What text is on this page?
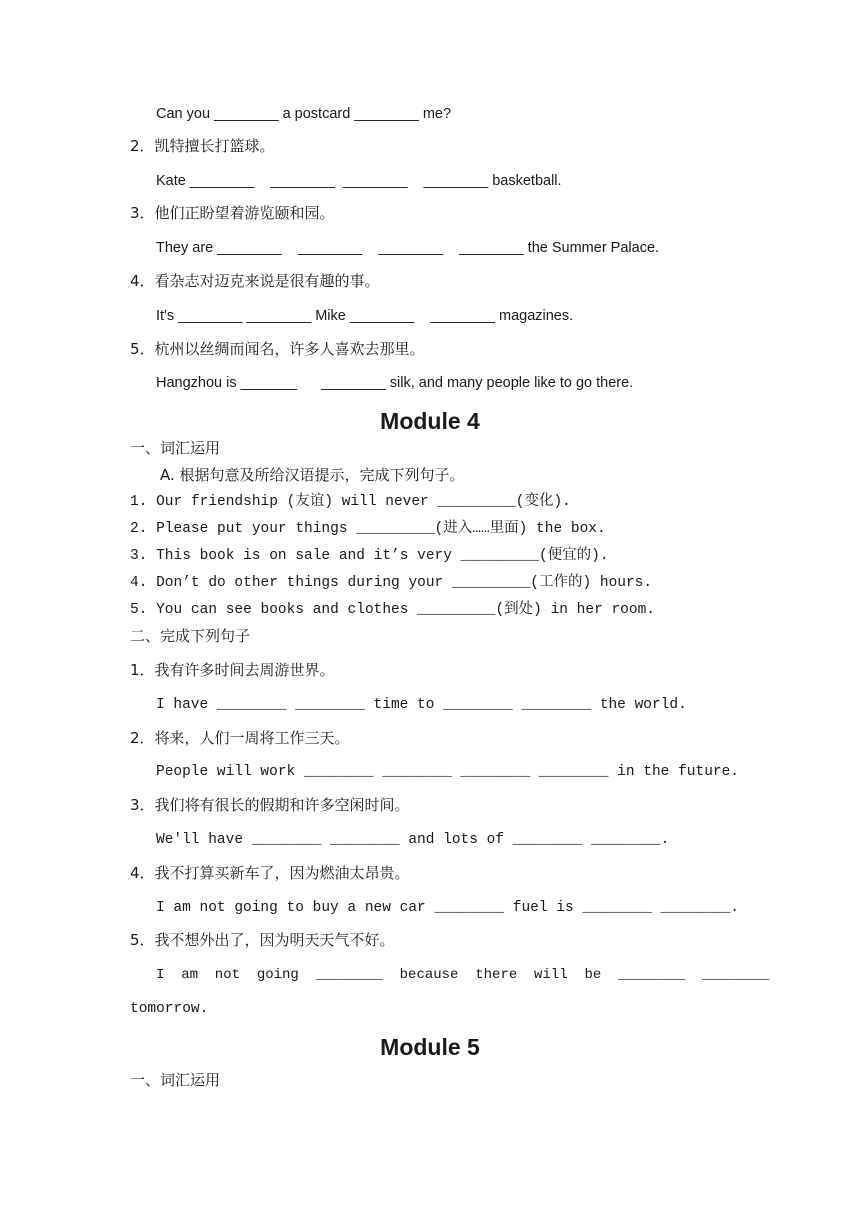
Can you ________ a postcard ________ me?
2．凯特擅长打篮球。
Kate ________    ________  ________    ________ basketball.
3．他们正盼望着游览颐和园。
They are ________    ________    ________    ________ the Summer Palace.
4．看杂志对迈克来说是很有趣的事。
It's ________ ________ Mike ________    ________ magazines.
5．杭州以丝绸而闻名，许多人喜欢去那里。
Hangzhou is _______      ________ silk, and many people like to go there.
Module 4
一、词汇运用
A. 根据句意及所给汉语提示，完成下列句子。
1. Our friendship (友谊) will never _________(变化).
2. Please put your things _________(进入……里面) the box.
3. This book is on sale and it’s very _________(便宜的).
4. Don’t do other things during your _________(工作的) hours.
5. You can see books and clothes _________(到处) in her room.
二、完成下列句子
1．我有许多时间去周游世界。
I have ________ ________ time to ________ ________ the world.
2．将来，人们一周将工作三天。
People will work ________ ________ ________ ________ in the future.
3．我们将有很长的假期和许多空闲时间。
We'll have ________ ________ and lots of ________ ________.
4．我不打算买新车了，因为燃油太昂贵。
I am not going to buy a new car ________ fuel is ________ ________.
5．我不想外出了，因为明天天气不好。
I  am  not  going  ________  because  there  will  be  ________  ________
tomorrow.
Module 5
一、词汇运用
